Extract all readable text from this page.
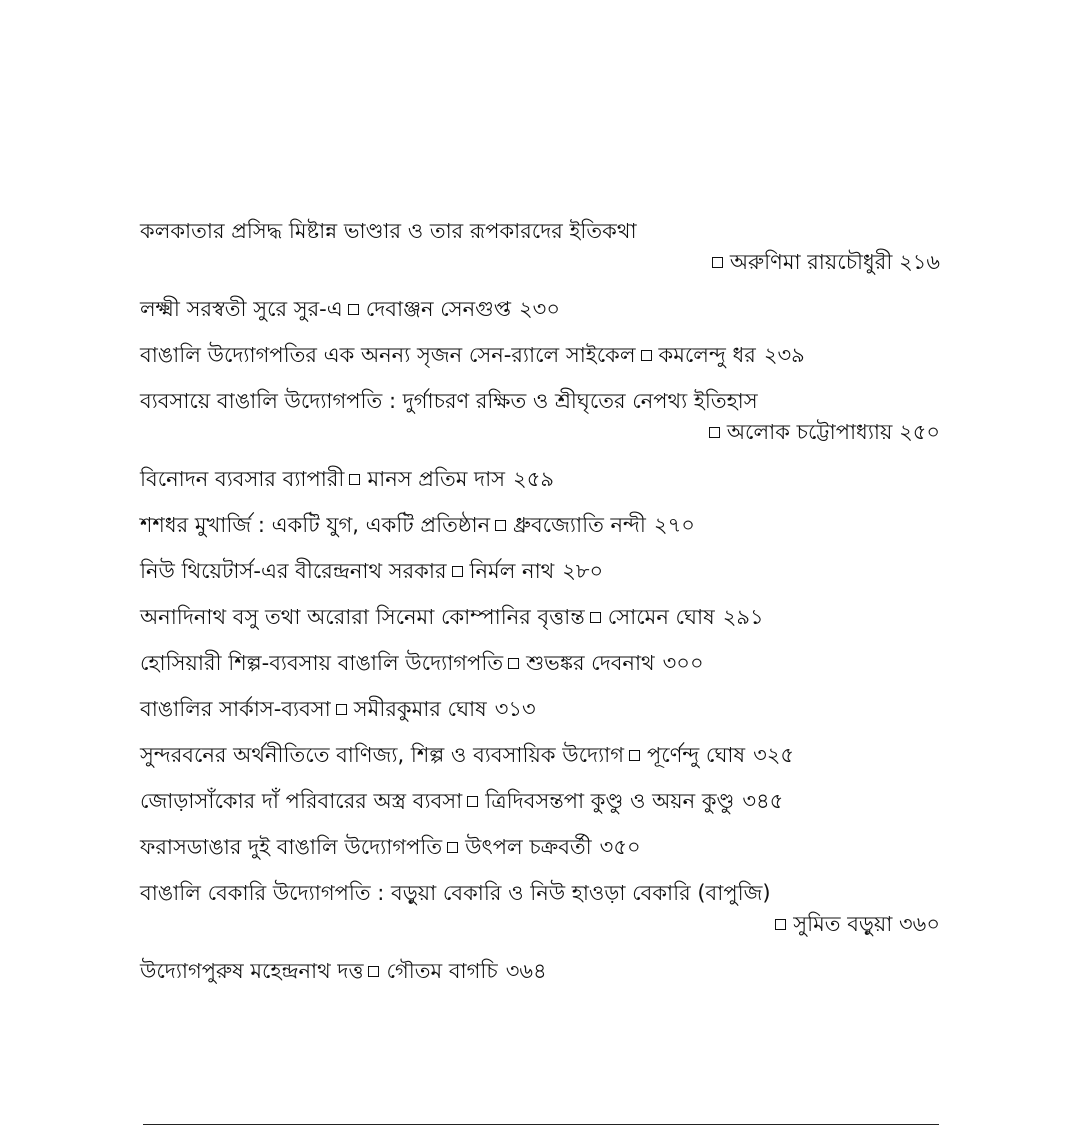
কলকাতার প্রসিদ্ধ মিষ্টান্ন ভাণ্ডার ও তার রূপকারদের ইতিকথা
অরুণিমা রায়চৌধুরী ২১৬
লক্ষ্মী সরস্বতী সুরে সুর-এ দেবাঞ্জন সেনগুপ্ত ২৩০
বাঙালি উদ্যোগপতির এক অনন্য সৃজন সেন-র‍্যালে সাইকেল কমলেন্দু ধর ২৩৯
ব্যবসায়ে বাঙালি উদ্যোগপতি : দুর্গাচরণ রক্ষিত ও শ্রীঘৃতের নেপথ্য ইতিহাস
অলোক চট্টোপাধ্যায় ২৫০
বিনোদন ব্যবসার ব্যাপারী মানস প্রতিম দাস ২৫৯
শশধর মুখার্জি : একটি যুগ, একটি প্রতিষ্ঠান ধ্রুবজ্যোতি নন্দী ২৭০
নিউ থিয়েটার্স-এর বীরেন্দ্রনাথ সরকার নির্মল নাথ ২৮০
অনাদিনাথ বসু তথা অরোরা সিনেমা কোম্পানির বৃত্তান্ত সোমেন ঘোষ ২৯১
হোসিয়ারী শিল্প-ব্যবসায় বাঙালি উদ্যোগপতি শুভঙ্কর দেবনাথ ৩০০
বাঙালির সার্কাস-ব্যবসা সমীরকুমার ঘোষ ৩১৩
সুন্দরবনের অর্থনীতিতে বাণিজ্য, শিল্প ও ব্যবসায়িক উদ্যোগ পূর্ণেন্দু ঘোষ ৩২৫
জোড়াসাঁকোর দাঁ পরিবারের অস্ত্র ব্যবসা ত্রিদিবসন্তপা কুণ্ডু ও অয়ন কুণ্ডু ৩৪৫
ফরাসডাঙার দুই বাঙালি উদ্যোগপতি উৎপল চক্রবর্তী ৩৫০
বাঙালি বেকারি উদ্যোগপতি : বড়ুয়া বেকারি ও নিউ হাওড়া বেকারি (বাপুজি)
সুমিত বড়ুয়া ৩৬০
উদ্যোগপুরুষ মহেন্দ্রনাথ দত্ত গৌতম বাগচি ৩৬৪
